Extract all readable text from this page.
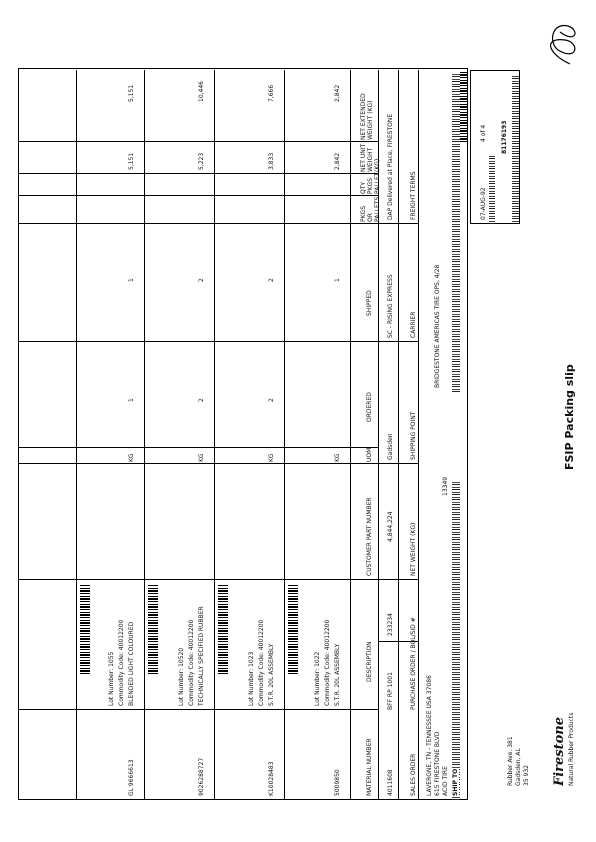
Firestone Natural Rubber Products
Rubber Ave. 381 Gadsden, AL 35 932
FSIP Packing slip
81176193
07-AUG-92
4 of 4
SHIP TO
ACID TIRE
615 FIRESTONE BLVD
LAVERGNE, TN - TENNESSEE USA 37086
13349
BRIDGESTONE AMERICAS TIRE OPS, 4/28
SALES ORDER
4011608
PURCHASE ORDER / BOL/SID #
BFF RP 1001
233234
NET WEIGHT (KG)
4,844,224
SHIPPING POINT
Gadsden
CARRIER
SC - RISING EXPRESS
FREIGHT TERMS
DAP Delivered at Place, FIRESTONE
MATERIAL NUMBER
DESCRIPTION
CUSTOMER PART NUMBER
UOM
ORDERED
SHIPPED
PKGS OR PALLETS
QTY PKGS PALLET
NET UNIT WEIGHT (KG)
NET EXTENDED WEIGHT (KG)
5009850
S.T.R. 20L ASSEMBLY
Commodity Code: 40012200
Lot Number: 1022
KG
1
2,842
2,842
K10028483
S.T.R. 20L ASSEMBLY
Commodity Code: 40012200
Lot Number: 1023
KG
2
2
3,833
7,666
9026288727
TECHNICALLY SPECIFIED RUBBER
Commodity Code: 40012200
Lot Number: 10520
KG
2
2
5,223
10,446
GL 9666613
BLENDED LIGHT COLOURED
Commodity Code: 40012200
Lot Number: 1055
KG
1
1
5,151
5,151
